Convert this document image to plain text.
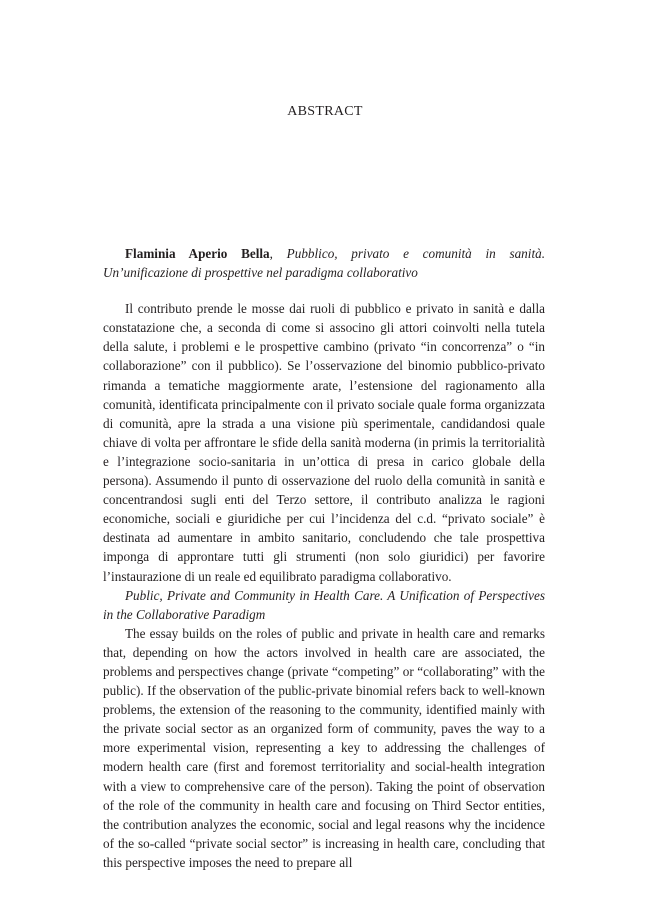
ABSTRACT

Flaminia Aperio Bella, Pubblico, privato e comunità in sanità. Un’unificazione di prospettive nel paradigma collaborativo

Il contributo prende le mosse dai ruoli di pubblico e privato in sanità e dalla constatazione che, a seconda di come si associno gli attori coinvolti nella tutela della salute, i problemi e le prospettive cambino (privato “in concorrenza” o “in collaborazione” con il pubblico). Se l’osservazione del binomio pubblico-privato rimanda a tematiche maggiormente arate, l’estensione del ragionamento alla comunità, identificata principalmente con il privato sociale quale forma organizzata di comunità, apre la strada a una visione più sperimentale, candidandosi quale chiave di volta per affrontare le sfide della sanità moderna (in primis la territorialità e l’integrazione socio-sanitaria in un’ottica di presa in carico globale della persona). Assumendo il punto di osservazione del ruolo della comunità in sanità e concentrandosi sugli enti del Terzo settore, il contributo analizza le ragioni economiche, sociali e giuridiche per cui l’incidenza del c.d. “privato sociale” è destinata ad aumentare in ambito sanitario, concludendo che tale prospettiva imponga di approntare tutti gli strumenti (non solo giuridici) per favorire l’instaurazione di un reale ed equilibrato paradigma collaborativo.

Public, Private and Community in Health Care. A Unification of Perspectives in the Collaborative Paradigm

The essay builds on the roles of public and private in health care and remarks that, depending on how the actors involved in health care are associated, the problems and perspectives change (private “competing” or “collaborating” with the public). If the observation of the public-private binomial refers back to well-known problems, the extension of the reasoning to the community, identified mainly with the private social sector as an organized form of community, paves the way to a more experimental vision, representing a key to addressing the challenges of modern health care (first and foremost territoriality and social-health integration with a view to comprehensive care of the person). Taking the point of observation of the role of the community in health care and focusing on Third Sector entities, the contribution analyzes the economic, social and legal reasons why the incidence of the so-called “private social sector” is increasing in health care, concluding that this perspective imposes the need to prepare all
